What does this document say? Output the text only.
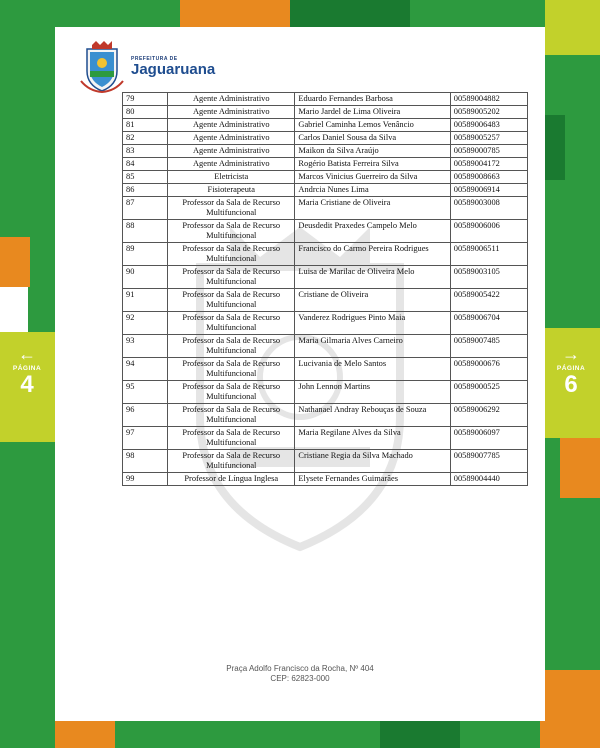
←
PÁGINA
4
→
PÁGINA
6
PREFEITURA DE
Jaguaruana
79	Agente Administrativo	Eduardo Fernandes Barbosa	00589004882
80	Agente Administrativo	Mario Jardel de Lima Oliveira	00589005202
81	Agente Administrativo	Gabriel Caminha Lemos Venâncio	00589006483
82	Agente Administrativo	Carlos Daniel Sousa da Silva	00589005257
83	Agente Administrativo	Maikon da Silva Araújo	00589000785
84	Agente Administrativo	Rogério Batista Ferreira Silva	00589004172
85	Eletricista	Marcos Vinicius Guerreiro da Silva	00589008663
86	Fisioterapeuta	Andrcia Nunes Lima	00589006914
87	Professor da Sala de Recurso Multifuncional	Maria Cristiane de Oliveira	00589003008
88	Professor da Sala de Recurso Multifuncional	Deusdedit Praxedes Campelo Melo	00589006006
89	Professor da Sala de Recurso Multifuncional	Francisco do Carmo Pereira Rodrigues	00589006511
90	Professor da Sala de Recurso Multifuncional	Luisa de Marilac de Oliveira Melo	00589003105
91	Professor da Sala de Recurso Multifuncional	Cristiane de Oliveira	00589005422
92	Professor da Sala de Recurso Multifuncional	Vanderez Rodrigues Pinto Maia	00589006704
93	Professor da Sala de Recurso Multifuncional	Maria Gilmaria Alves Carneiro	00589007485
94	Professor da Sala de Recurso Multifuncional	Lucivania de Melo Santos	00589000676
95	Professor da Sala de Recurso Multifuncional	John Lennon Martins	00589000525
96	Professor da Sala de Recurso Multifuncional	Nathanael Andray Rebouças de Souza	00589006292
97	Professor da Sala de Recurso Multifuncional	Maria Regilane Alves da Silva	00589006097
98	Professor da Sala de Recurso Multifuncional	Cristiane Regia da Silva Machado	00589007785
99	Professor de Língua Inglesa	Elysete Fernandes Guimarães	00589004440
Praça Adolfo Francisco da Rocha, Nº 404
CEP: 62823-000
